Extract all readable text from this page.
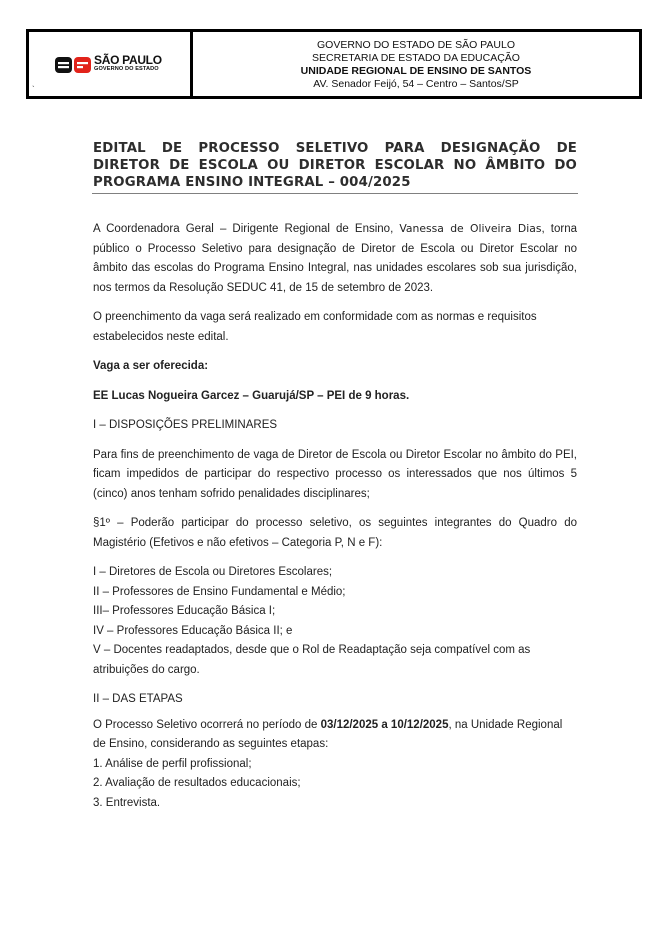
SÃO PAULO
GOVERNO DO ESTADO
`
GOVERNO DO ESTADO DE SÃO PAULO
SECRETARIA DE ESTADO DA EDUCAÇÃO
UNIDADE REGIONAL DE ENSINO DE SANTOS
AV. Senador Feijó, 54 – Centro – Santos/SP
EDITAL DE PROCESSO SELETIVO PARA DESIGNAÇÃO DE DIRETOR DE ESCOLA OU DIRETOR ESCOLAR NO ÂMBITO DO PROGRAMA ENSINO INTEGRAL – 004/2025

A Coordenadora Geral – Dirigente Regional de Ensino, Vanessa de Oliveira Dias, torna público o Processo Seletivo para designação de Diretor de Escola ou Diretor Escolar no âmbito das escolas do Programa Ensino Integral, nas unidades escolares sob sua jurisdição, nos termos da Resolução SEDUC 41, de 15 de setembro de 2023.

O preenchimento da vaga será realizado em conformidade com as normas e requisitos estabelecidos neste edital.

Vaga a ser oferecida:

EE Lucas Nogueira Garcez – Guarujá/SP – PEI de 9 horas.

I – DISPOSIÇÕES PRELIMINARES

Para fins de preenchimento de vaga de Diretor de Escola ou Diretor Escolar no âmbito do PEI, ficam impedidos de participar do respectivo processo os interessados que nos últimos 5 (cinco) anos tenham sofrido penalidades disciplinares;

§1º – Poderão participar do processo seletivo, os seguintes integrantes do Quadro do Magistério (Efetivos e não efetivos – Categoria P, N e F):

I – Diretores de Escola ou Diretores Escolares;

II – Professores de Ensino Fundamental e Médio;

III– Professores Educação Básica I;

IV – Professores Educação Básica II; e

V – Docentes readaptados, desde que o Rol de Readaptação seja compatível com as atribuições do cargo.

II – DAS ETAPAS

O Processo Seletivo ocorrerá no período de 03/12/2025 a 10/12/2025, na Unidade Regional de Ensino, considerando as seguintes etapas:

1. Análise de perfil profissional;

2. Avaliação de resultados educacionais;

3. Entrevista.
